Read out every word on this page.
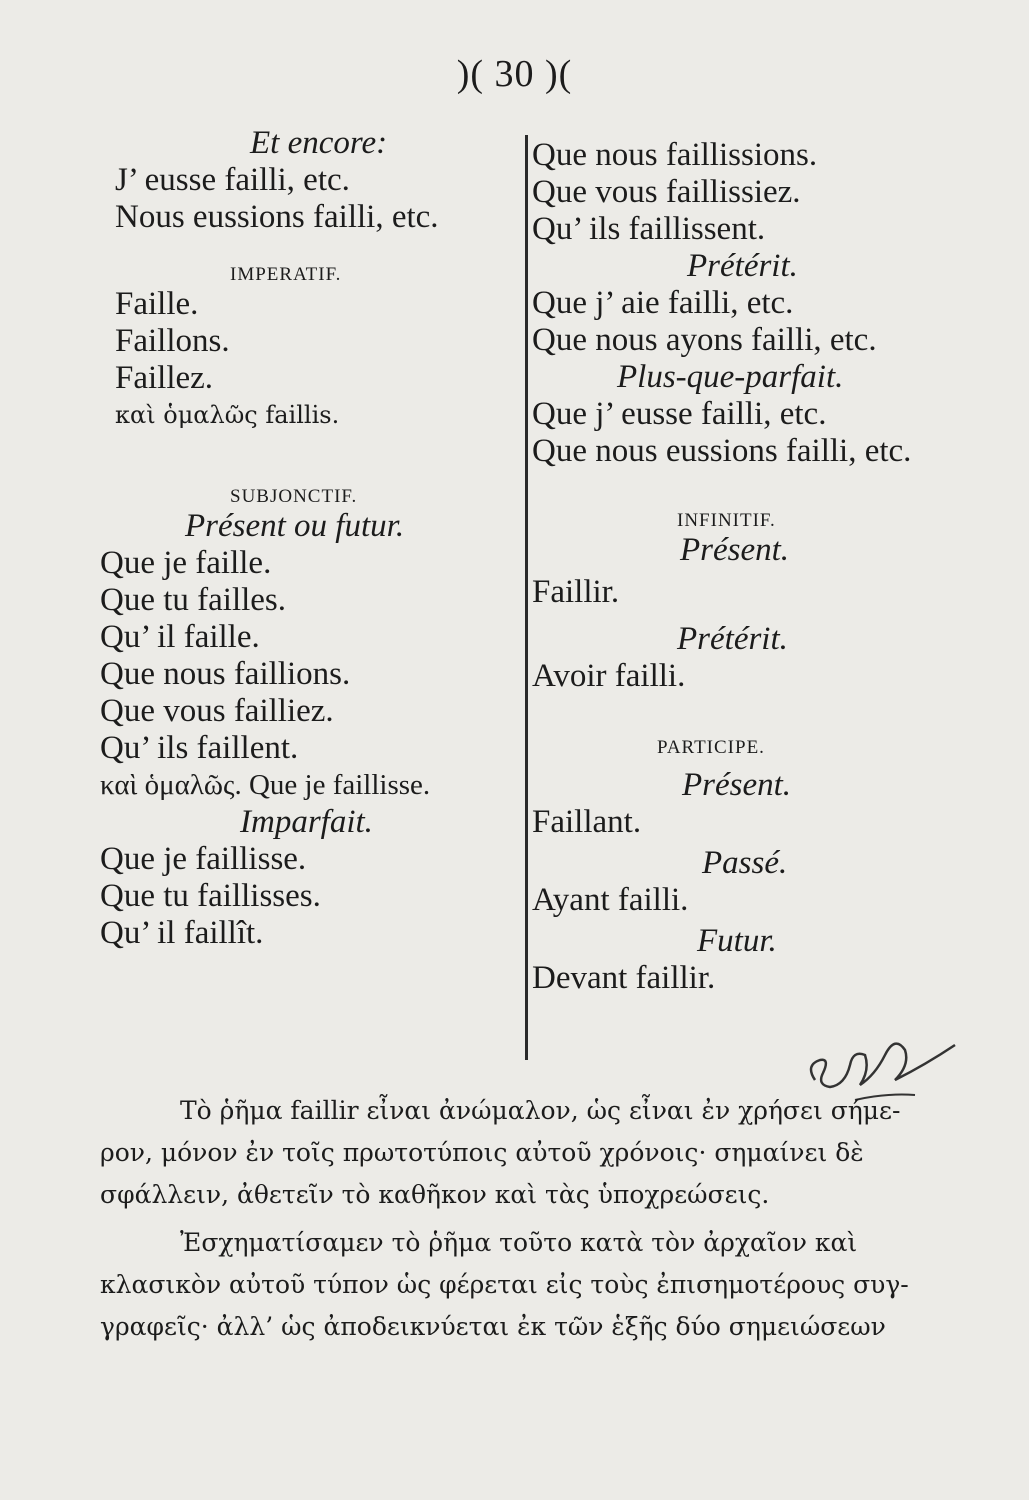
)( 30 )(
Et encore:
J’ eusse failli, etc.
Nous eussions failli, etc.
IMPERATIF.
Faille.
Faillons.
Faillez.
καὶ ὁμαλῶς faillis.
SUBJONCTIF.
Présent ou futur.
Que je faille.
Que tu failles.
Qu’ il faille.
Que nous faillions.
Que vous failliez.
Qu’ ils faillent.
καὶ ὁμαλῶς. Que je faillisse.
Imparfait.
Que je faillisse.
Que tu faillisses.
Qu’ il faillît.
Que nous faillissions.
Que vous faillissiez.
Qu’ ils faillissent.
Prétérit.
Que j’ aie failli, etc.
Que nous ayons failli, etc.
Plus-que-parfait.
Que j’ eusse failli, etc.
Que nous eussions failli, etc.
INFINITIF.
Présent.
Faillir.
Prétérit.
Avoir failli.
PARTICIPE.
Présent.
Faillant.
Passé.
Ayant failli.
Futur.
Devant faillir.
Τὸ ῥῆμα faillir εἶναι ἀνώμαλον, ὡς εἶναι ἐν χρήσει σήμε-
ρον, μόνον ἐν τοῖς πρωτοτύποις αὐτοῦ χρόνοις· σημαίνει δὲ
σφάλλειν, ἀθετεῖν τὸ καθῆκον καὶ τὰς ὑποχρεώσεις.
Ἐσχηματίσαμεν τὸ ῥῆμα τοῦτο κατὰ τὸν ἀρχαῖον καὶ
κλασικὸν αὐτοῦ τύπον ὡς φέρεται εἰς τοὺς ἐπισημοτέρους συγ-
γραφεῖς· ἀλλ’ ὡς ἀποδεικνύεται ἐκ τῶν ἑξῆς δύο σημειώσεων
